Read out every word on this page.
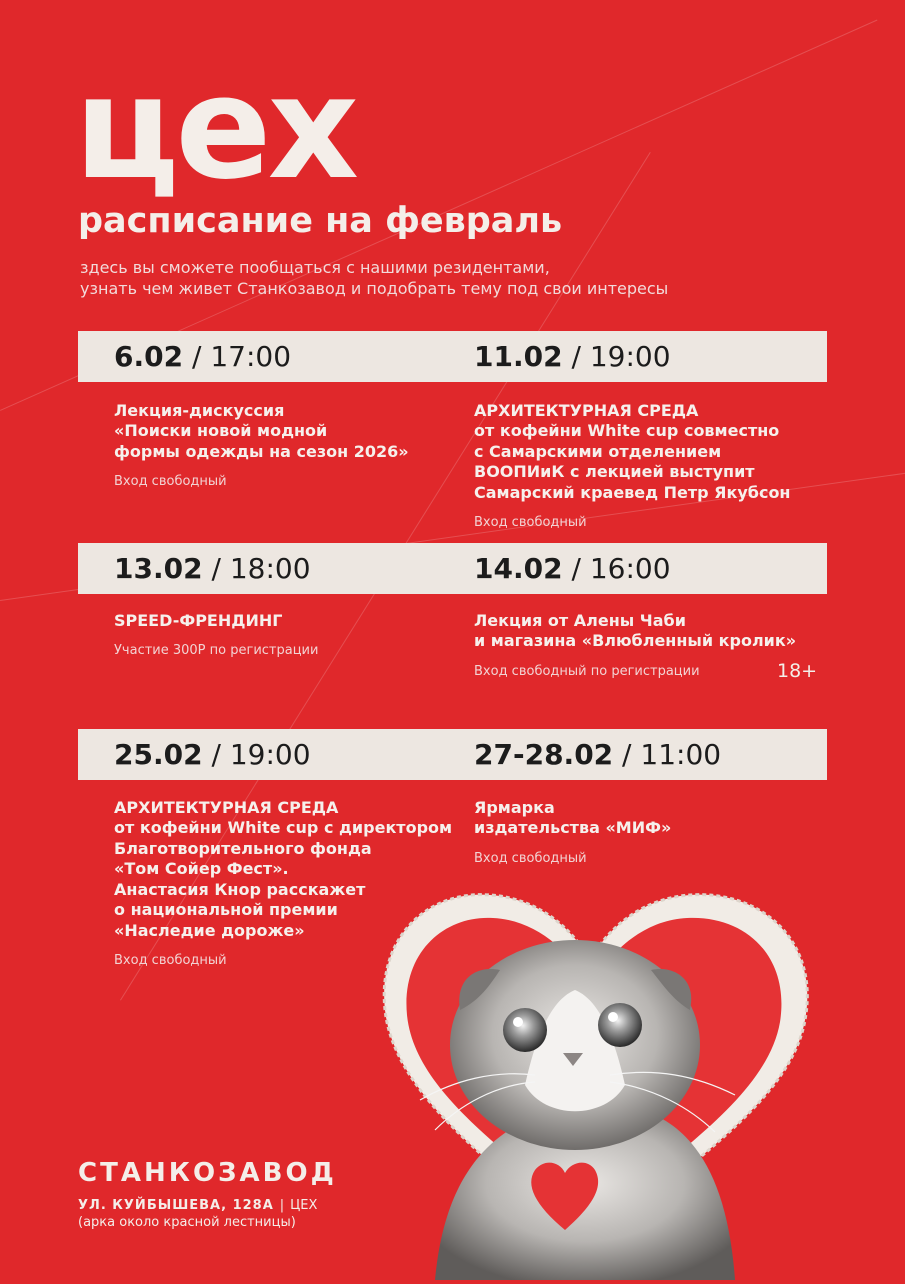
цех
расписание на февраль
здесь вы сможете пообщаться с нашими резидентами,
узнать чем живет Станкозавод и подобрать тему под свои интересы
6.02 / 17:00	11.02 / 19:00
Лекция-дискуссия
«Поиски новой модной
формы одежды на сезон 2026»
Вход свободный
АРХИТЕКТУРНАЯ СРЕДА
от кофейни White cup совместно
с Самарскими отделением
ВООПИиК с лекцией выступит
Самарский краевед Петр Якубсон
Вход свободный
13.02 / 18:00	14.02 / 16:00
SPEED-ФРЕНДИНГ
Участие 300Р по регистрации
Лекция от Алены Чаби
и магазина «Влюбленный кролик»
Вход свободный по регистрации	18+
25.02 / 19:00	27-28.02 / 11:00
АРХИТЕКТУРНАЯ СРЕДА
от кофейни White cup с директором
Благотворительного фонда
«Том Сойер Фест».
Анастасия Кнор расскажет
о национальной премии
«Наследие дороже»
Вход свободный
Ярмарка
издательства «МИФ»
Вход свободный
СТАНКОЗАВОД
УЛ. КУЙБЫШЕВА, 128А | ЦЕХ
(арка около красной лестницы)
